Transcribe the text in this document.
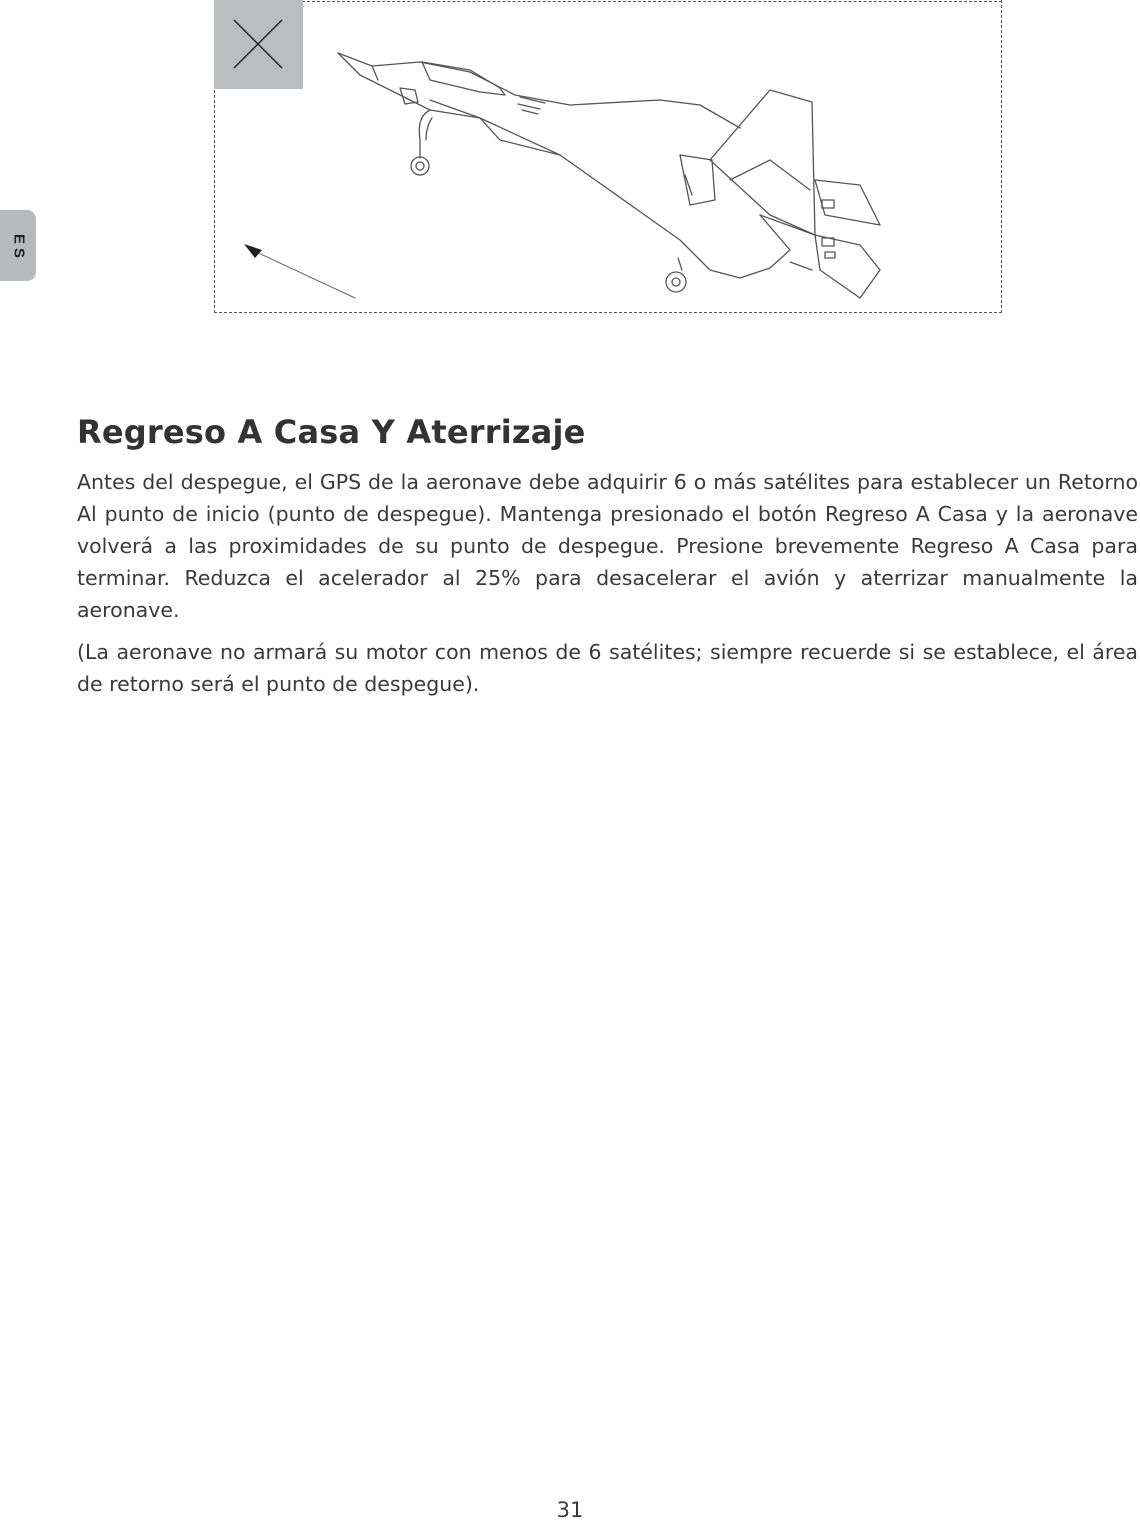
ES
Regreso A Casa Y Aterrizaje

Antes del despegue, el GPS de la aeronave debe adquirir 6 o más satélites para establecer un Retorno Al punto de inicio (punto de despegue). Mantenga presionado el botón Regreso A Casa y la aeronave volverá a las proximidades de su punto de despegue. Presione brevemente Regreso A Casa para terminar. Reduzca el acelerador al 25% para desacelerar el avión y aterrizar manualmente la aeronave.

(La aeronave no armará su motor con menos de 6 satélites; siempre recuerde si se establece, el área de retorno será el punto de despegue).

31
